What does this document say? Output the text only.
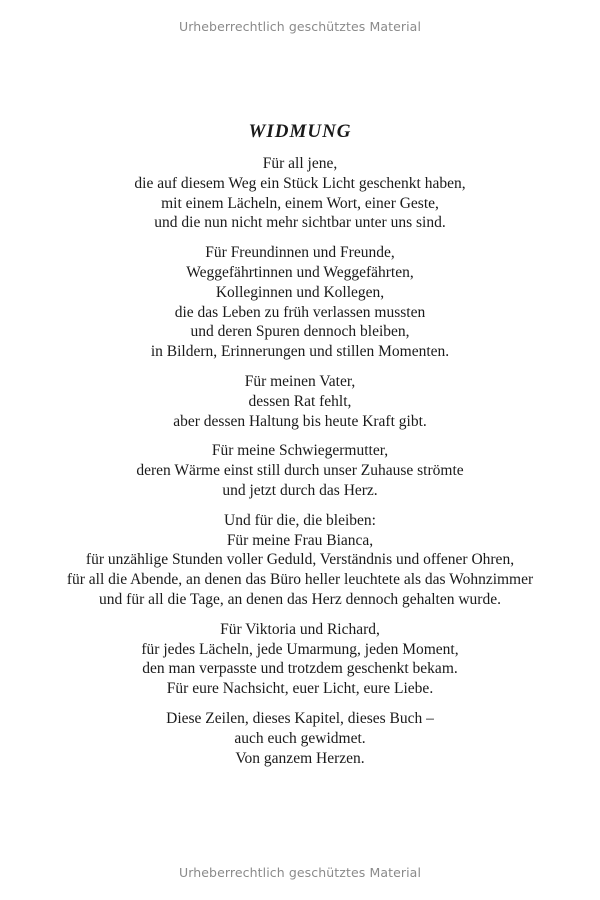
Urheberrechtlich geschütztes Material
WIDMUNG
Für all jene,
die auf diesem Weg ein Stück Licht geschenkt haben,
mit einem Lächeln, einem Wort, einer Geste,
und die nun nicht mehr sichtbar unter uns sind.
Für Freundinnen und Freunde,
Weggefährtinnen und Weggefährten,
Kolleginnen und Kollegen,
die das Leben zu früh verlassen mussten
und deren Spuren dennoch bleiben,
in Bildern, Erinnerungen und stillen Momenten.
Für meinen Vater,
dessen Rat fehlt,
aber dessen Haltung bis heute Kraft gibt.
Für meine Schwiegermutter,
deren Wärme einst still durch unser Zuhause strömte
und jetzt durch das Herz.
Und für die, die bleiben:
Für meine Frau Bianca,
für unzählige Stunden voller Geduld, Verständnis und offener Ohren,
für all die Abende, an denen das Büro heller leuchtete als das Wohnzimmer
und für all die Tage, an denen das Herz dennoch gehalten wurde.
Für Viktoria und Richard,
für jedes Lächeln, jede Umarmung, jeden Moment,
den man verpasste und trotzdem geschenkt bekam.
Für eure Nachsicht, euer Licht, eure Liebe.
Diese Zeilen, dieses Kapitel, dieses Buch –
auch euch gewidmet.
Von ganzem Herzen.
Urheberrechtlich geschütztes Material
